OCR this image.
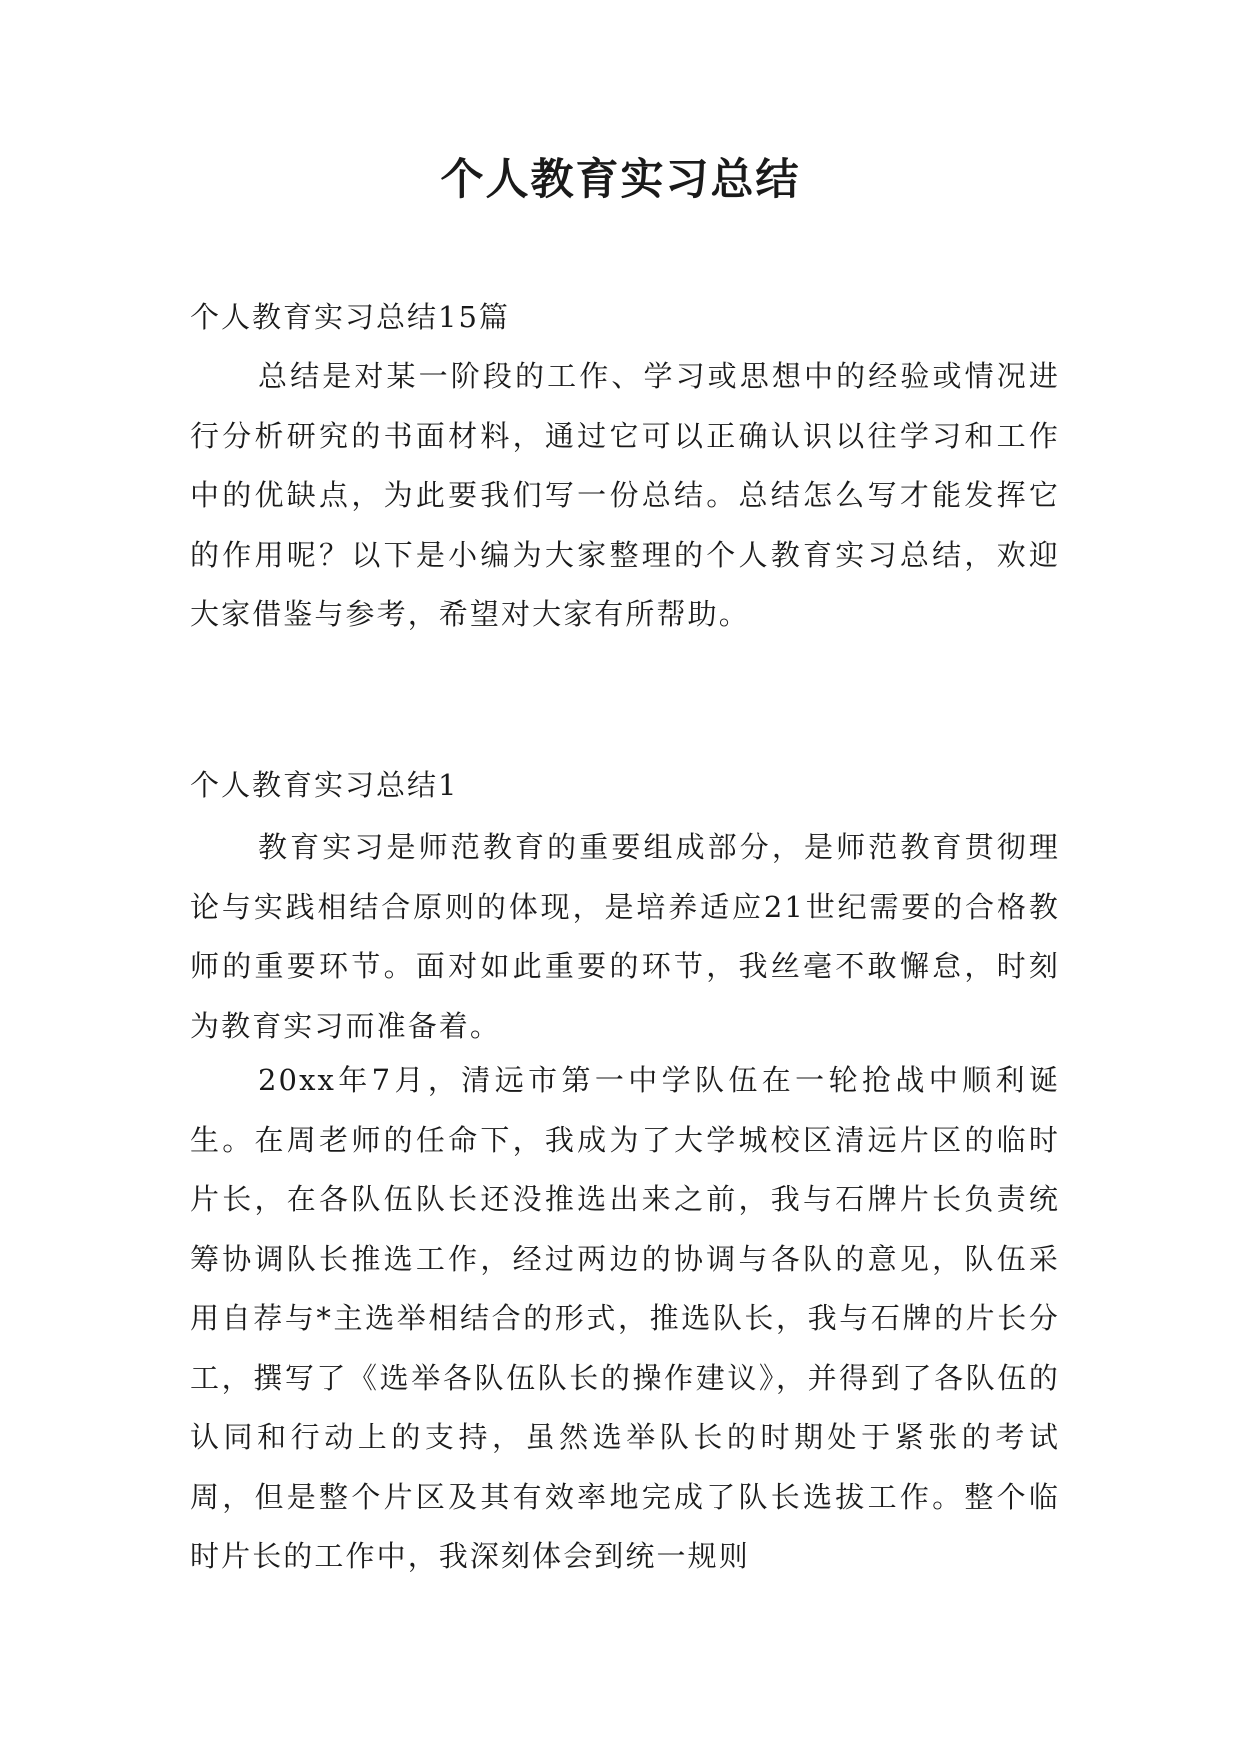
个人教育实习总结
个人教育实习总结15篇

总结是对某一阶段的工作、学习或思想中的经验或情况进行分析研究的书面材料，通过它可以正确认识以往学习和工作中的优缺点，为此要我们写一份总结。总结怎么写才能发挥它的作用呢？以下是小编为大家整理的个人教育实习总结，欢迎大家借鉴与参考，希望对大家有所帮助。

个人教育实习总结1

教育实习是师范教育的重要组成部分，是师范教育贯彻理论与实践相结合原则的体现，是培养适应21世纪需要的合格教师的重要环节。面对如此重要的环节，我丝毫不敢懈怠，时刻为教育实习而准备着。

20xx年7月，清远市第一中学队伍在一轮抢战中顺利诞生。在周老师的任命下，我成为了大学城校区清远片区的临时片长，在各队伍队长还没推选出来之前，我与石牌片长负责统筹协调队长推选工作，经过两边的协调与各队的意见，队伍采用自荐与*主选举相结合的形式，推选队长，我与石牌的片长分工，撰写了《选举各队伍队长的操作建议》，并得到了各队伍的认同和行动上的支持，虽然选举队长的时期处于紧张的考试周，但是整个片区及其有效率地完成了队长选拔工作。整个临时片长的工作中，我深刻体会到统一规则
